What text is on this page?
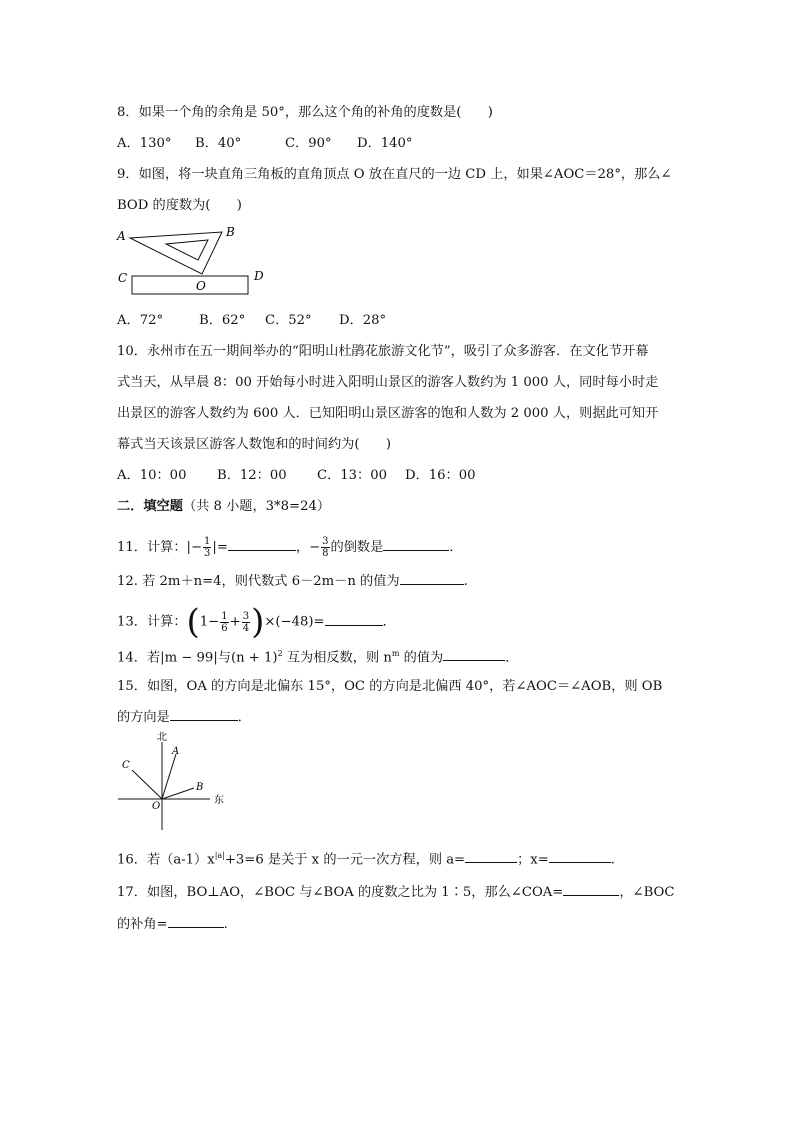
8．如果一个角的余角是 50°，那么这个角的补角的度数是(　　)
A．130° B．40°	C．90° D．140°
9．如图，将一块直角三角板的直角顶点 O 放在直尺的一边 CD 上，如果∠AOC＝28°，那么∠
BOD 的度数为(　　)
A	B
C	D
O
A．72°	B．62° C．52° D．28°
10．永州市在五一期间举办的“阳明山杜鹃花旅游文化节”，吸引了众多游客．在文化节开幕
式当天，从早晨 8：00 开始每小时进入阳明山景区的游客人数约为 1 000 人，同时每小时走
出景区的游客人数约为 600 人．已知阳明山景区游客的饱和人数为 2 000 人，则据此可知开
幕式当天该景区游客人数饱和的时间约为(　　)
A．10：00 B．12：00 C．13：00 D．16：00
二．填空题（共 8 小题，3*8=24）
11．计算：|− $\frac{1}{3}$ |=	，− $\frac{3}{8}$ 的倒数是	．
12. 若 2m＋n=4，则代数式 6－2m－n 的值为	.
13．计算：$(1- \frac{1}{6} + \frac{3}{4} )\times(-48)=$	．
14．若|m − 99|与$(n + 1)^2$ 互为相反数，则 $n^m$ 的值为	．
15．如图，OA 的方向是北偏东 15°，OC 的方向是北偏西 40°，若∠AOC＝∠AOB，则 OB
的方向是	．
北
东
A
C
B
O
16．若$(a-1)x^{|a|}+3=6$ 是关于 x 的一元一次方程，则 a=	；x=	.
17．如图，BO⊥AO，∠BOC 与∠BOA 的度数之比为 1∶5，那么∠COA=	，∠BOC
的补角=	.
